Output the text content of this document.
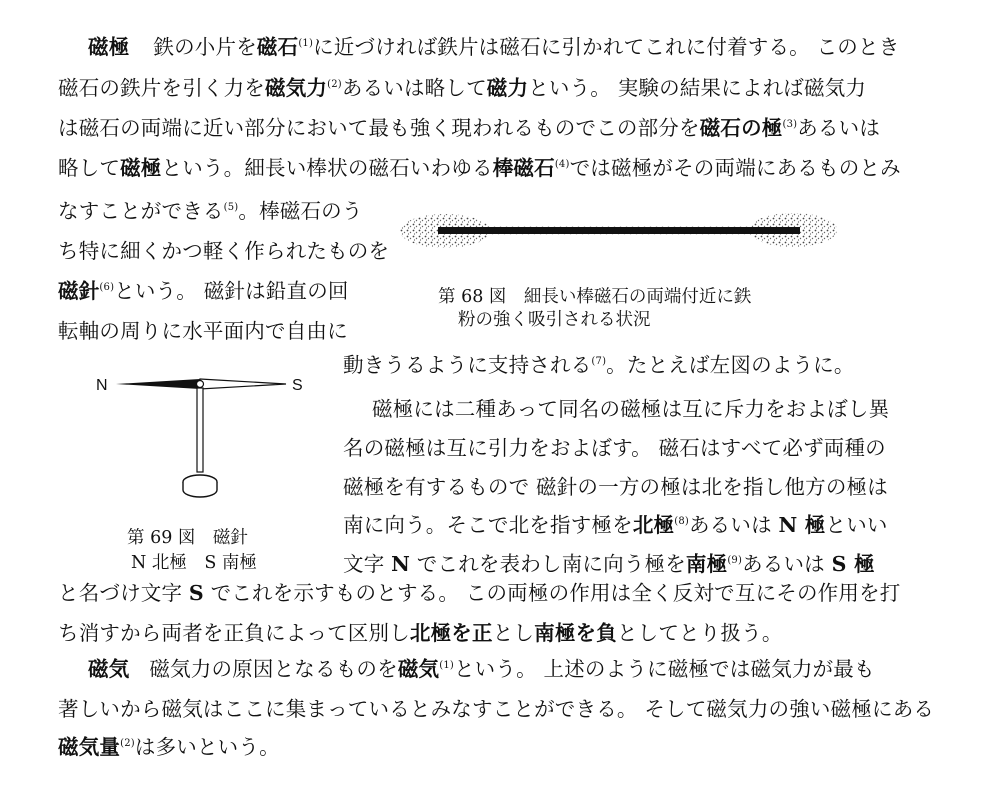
磁極 鉄の小片を磁石$^{(1)}$に近づければ鉄片は磁石に引かれてこれに付着する。 このとき
磁石の鉄片を引く力を磁気力$^{(2)}$あるいは略して磁力という。 実験の結果によれば磁気力
は磁石の両端に近い部分において最も強く現われるものでこの部分を磁石の極$^{(3)}$あるいは
略して磁極という。細長い棒状の磁石いわゆる棒磁石$^{(4)}$では磁極がその両端にあるものとみ
なすことができる$^{(5)}$。棒磁石のう
ち特に細くかつ軽く作られたものを
磁針$^{(6)}$という。 磁針は鉛直の回
転軸の周りに水平面内で自由に
動きうるように支持される$^{(7)}$。たとえば左図のように。
磁極には二種あって同名の磁極は互に斥力をおよぼし異
名の磁極は互に引力をおよぼす。 磁石はすべて必ず両種の
磁極を有するもので 磁針の一方の極は北を指し他方の極は
南に向う。そこで北を指す極を北極$^{(8)}$あるいは N 極といい
文字 N でこれを表わし南に向う極を南極$^{(9)}$あるいは S 極
と名づけ文字 S でこれを示すものとする。 この両極の作用は全く反対で互にその作用を打
ち消すから両者を正負によって区別し北極を正とし南極を負としてとり扱う。
磁気 磁気力の原因となるものを磁気$^{(1)}$という。 上述のように磁極では磁気力が最も
著しいから磁気はここに集まっているとみなすことができる。 そして磁気力の強い磁極にある
磁気量$^{(2)}$は多いという。
第 68 図　細長い棒磁石の両端付近に鉄
粉の強く吸引される状況
N	S
第 69 図　磁針
N 北極　S 南極
